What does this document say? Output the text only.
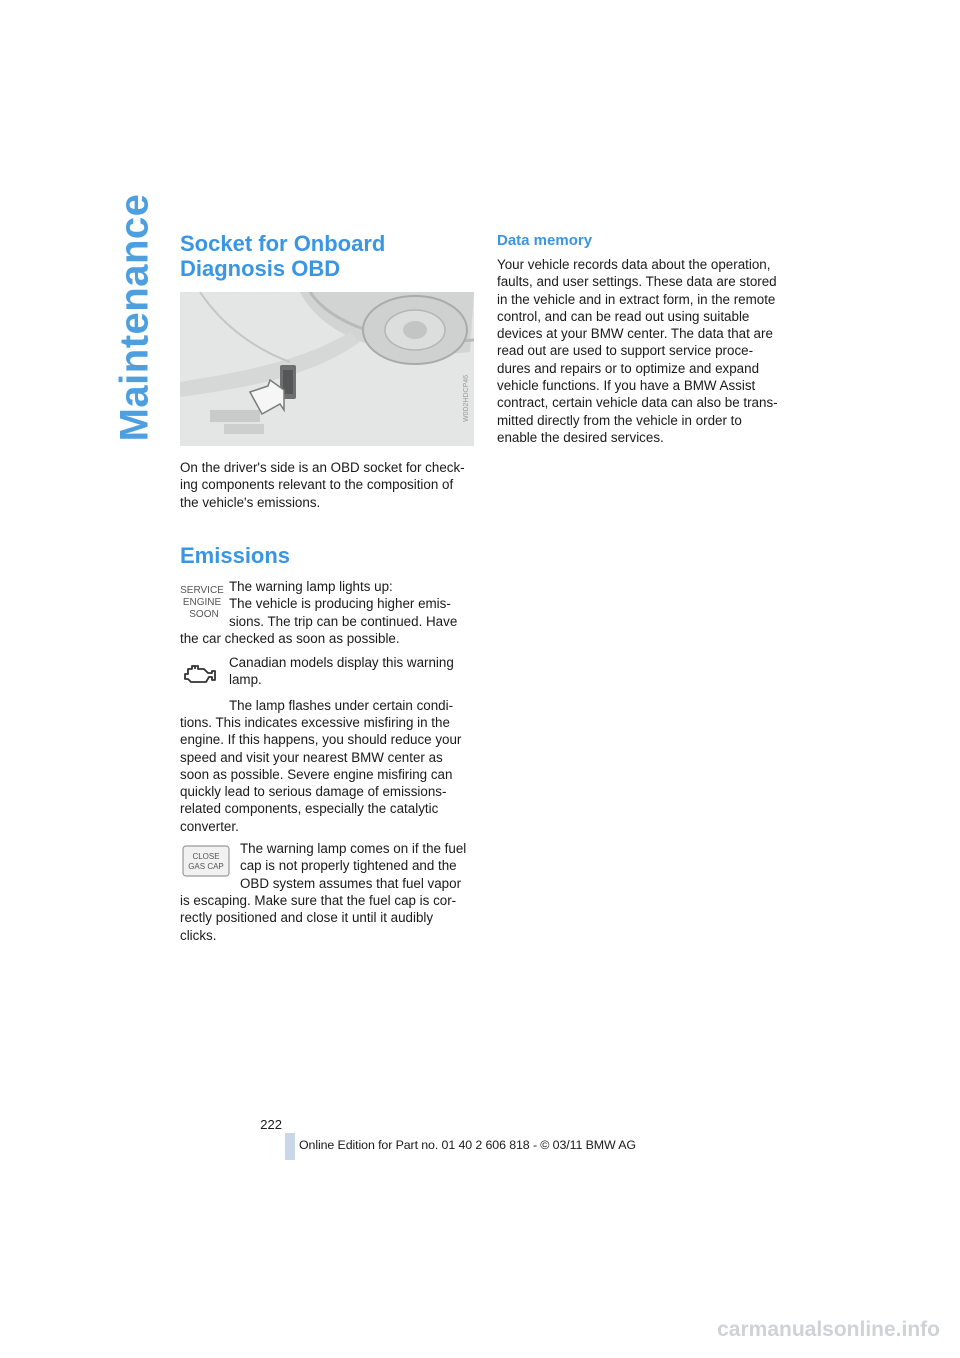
Maintenance Socket for Onboard
Diagnosis OBD
W0D2HDCP46

On the driver's side is an OBD socket for check-
ing components relevant to the composition of
the vehicle's emissions.

Emissions
SERVICE
ENGINE
SOON

The warning lamp lights up:
The vehicle is producing higher emis-
sions. The trip can be continued. Have

the car checked as soon as possible.

Canadian models display this warning
lamp.

The lamp flashes under certain condi-

tions. This indicates excessive misfiring in the
engine. If this happens, you should reduce your
speed and visit your nearest BMW center as
soon as possible. Severe engine misfiring can
quickly lead to serious damage of emissions-
related components, especially the catalytic
converter.

CLOSE
GAS CAP

The warning lamp comes on if the fuel
cap is not properly tightened and the
OBD system assumes that fuel vapor

is escaping. Make sure that the fuel cap is cor-
rectly positioned and close it until it audibly
clicks.

Data memory

Your vehicle records data about the operation,
faults, and user settings. These data are stored
in the vehicle and in extract form, in the remote
control, and can be read out using suitable
devices at your BMW center. The data that are
read out are used to support service proce-
dures and repairs or to optimize and expand
vehicle functions. If you have a BMW Assist
contract, certain vehicle data can also be trans-
mitted directly from the vehicle in order to
enable the desired services.

222
Online Edition for Part no. 01 40 2 606 818 - © 03/11 BMW AG
carmanualsonline.info
